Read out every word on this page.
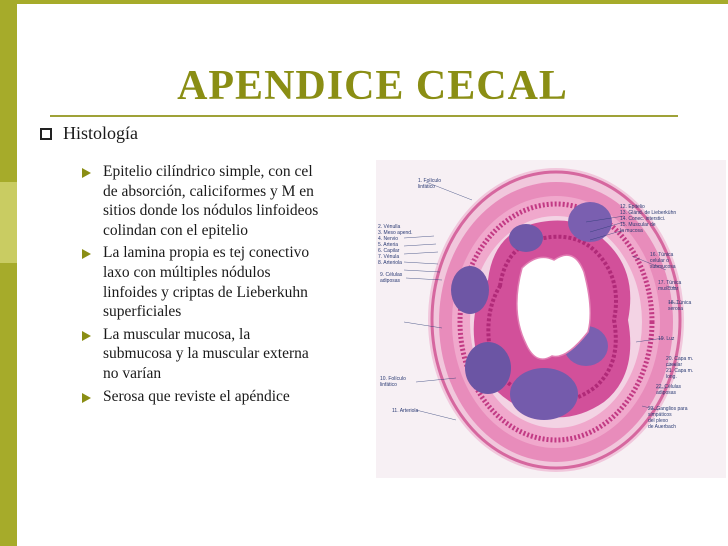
APENDICE CECAL
Histología
Epitelio cilíndrico simple, con cel
de absorción, caliciformes y M en
sitios donde los nódulos linfoideos
colindan con el epitelio
La lamina propia es tej conectivo
laxo con múltiples nódulos
linfoides y criptas de Lieberkuhn
superficiales
La muscular mucosa, la
submucosa y la muscular externa
no varían
Serosa que reviste el apéndice
1. Folículo
linfático
2. Vénulla
3. Meso apend.
4. Nervio
5. Arteria
6. Capilar
7. Vénula
8. Arteriola
9. Células
adiposas
10. Folículo
linfático
11. Arteriola
12. Epitelio
13. Glánd. de Lieberkühn
14. Conec. interstici.
15. Muscular de
la mucosa
16. Túnica
celular o
submucosa
17. Túnica
muscular
18. Túnica
serosa
19. Luz
20. Capa m.
circular
21. Capa m.
long.
22. Células
adiposas
23. Ganglios para
simpáticos
del plexo
de Auerbach
